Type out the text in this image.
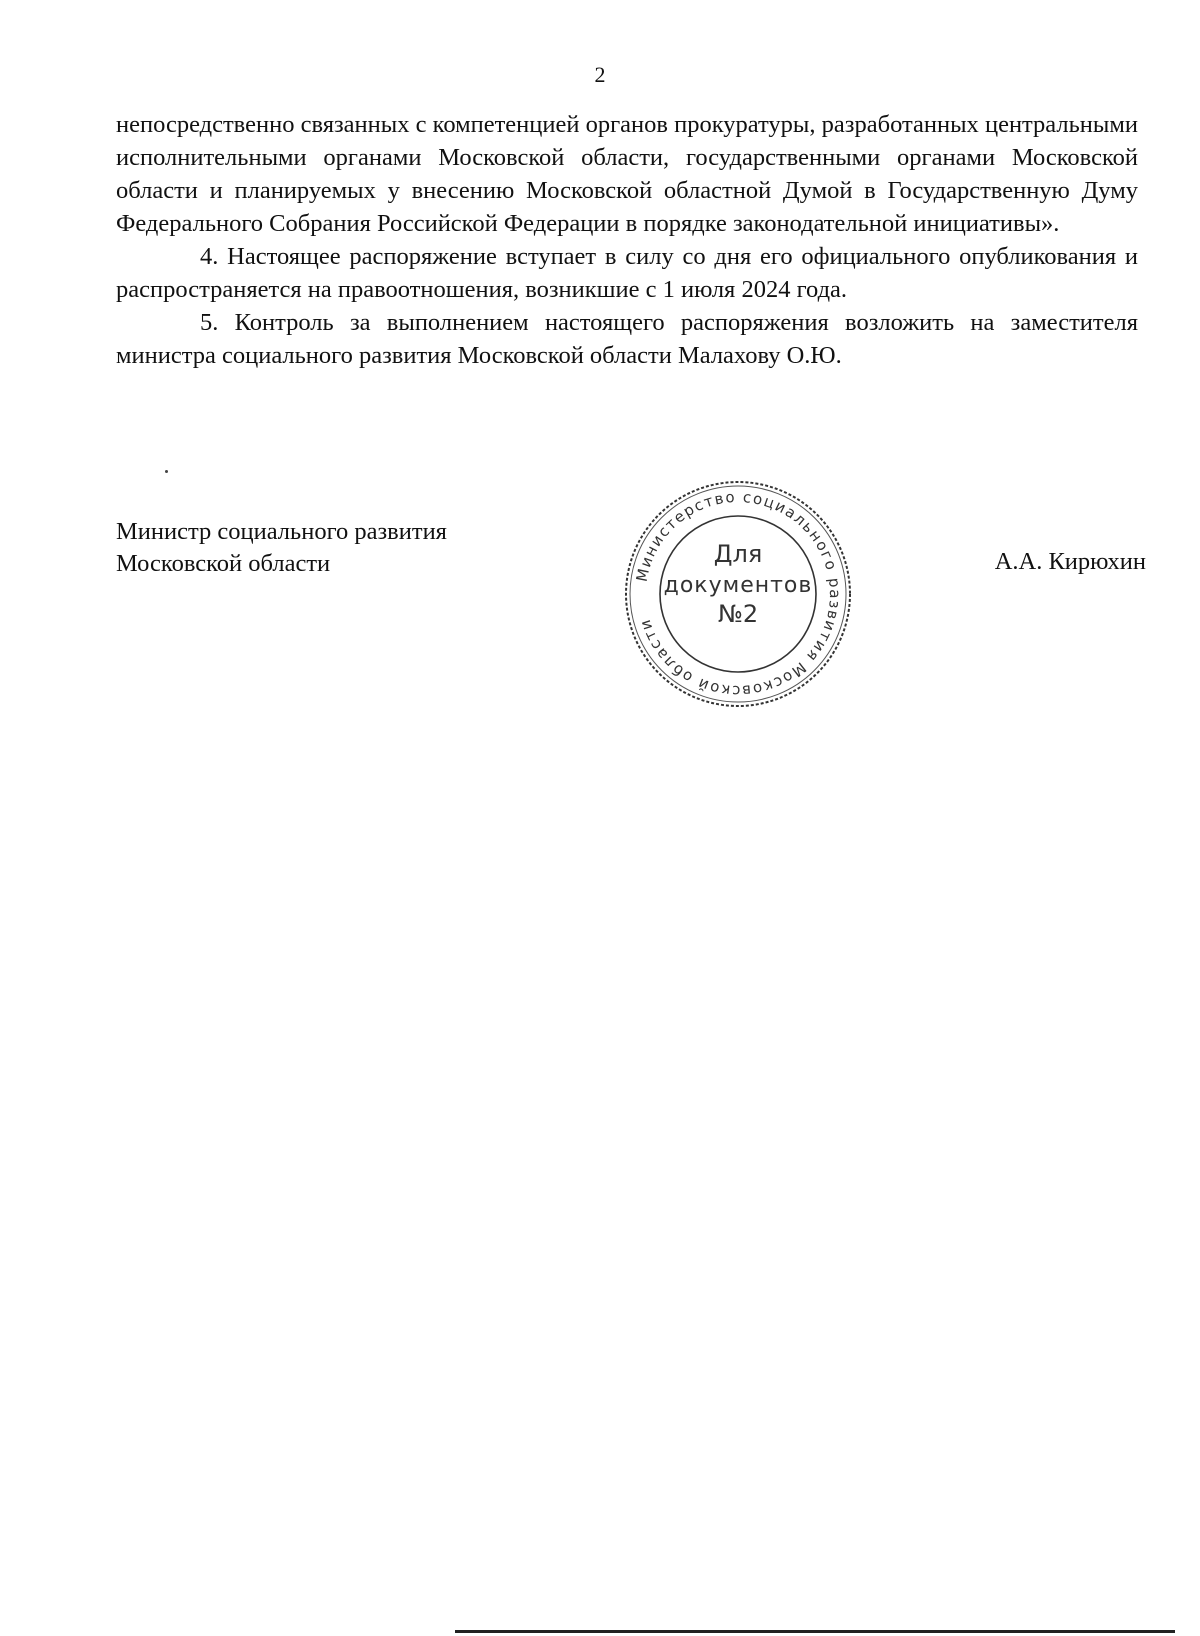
2

непосредственно связанных с компетенцией органов прокуратуры, разработанных центральными исполнительными органами Московской области, государственными органами Московской области и планируемых у внесению Московской областной Думой в Государственную Думу Федерального Собрания Российской Федерации в порядке законодательной инициативы».

4. Настоящее распоряжение вступает в силу со дня его официального опубликования и распространяется на правоотношения, возникшие с 1 июля 2024 года.

5. Контроль за выполнением настоящего распоряжения возложить на заместителя министра социального развития Московской области Малахову О.Ю.

Министр социального развития
Московской области	А.А. Кирюхин
Министерство социального развития Московской области
Для
документов
№2
